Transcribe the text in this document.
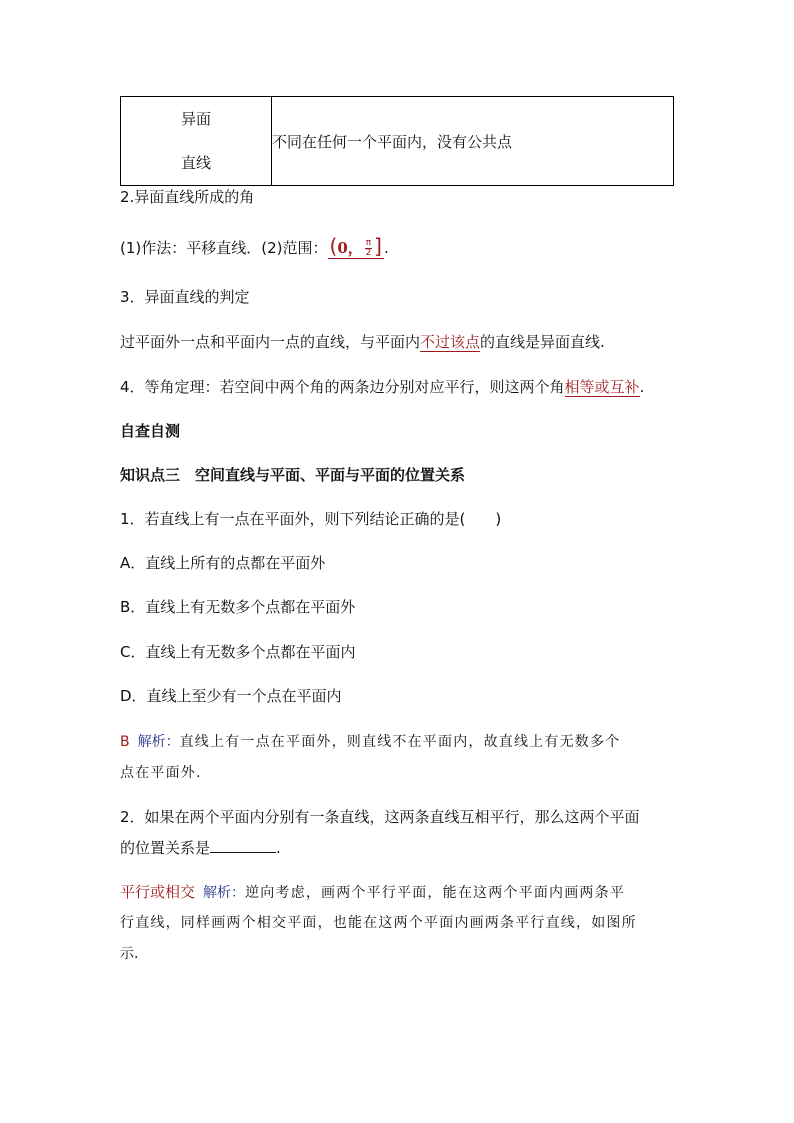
异面
直线
	不同在任何一个平面内，没有公共点
2.异面直线所成的角
(1)作法：平移直线．(2)范围： (0， $\frac{\pi}{2}$ ] .
3．异面直线的判定
过平面外一点和平面内一点的直线，与平面内不过该点的直线是异面直线.
4．等角定理：若空间中两个角的两条边分别对应平行，则这两个角相等或互补.
自查自测
知识点三　空间直线与平面、平面与平面的位置关系
1．若直线上有一点在平面外，则下列结论正确的是(　　)
A．直线上所有的点都在平面外
B．直线上有无数多个点都在平面外
C．直线上有无数多个点都在平面内
D．直线上至少有一个点在平面内
B 解析：直线上有一点在平面外，则直线不在平面内，故直线上有无数多个
点在平面外.
2．如果在两个平面内分别有一条直线，这两条直线互相平行，那么这两个平面
的位置关系是	.
平行或相交 解析：逆向考虑，画两个平行平面，能在这两个平面内画两条平
行直线，同样画两个相交平面，也能在这两个平面内画两条平行直线，如图所
示.
